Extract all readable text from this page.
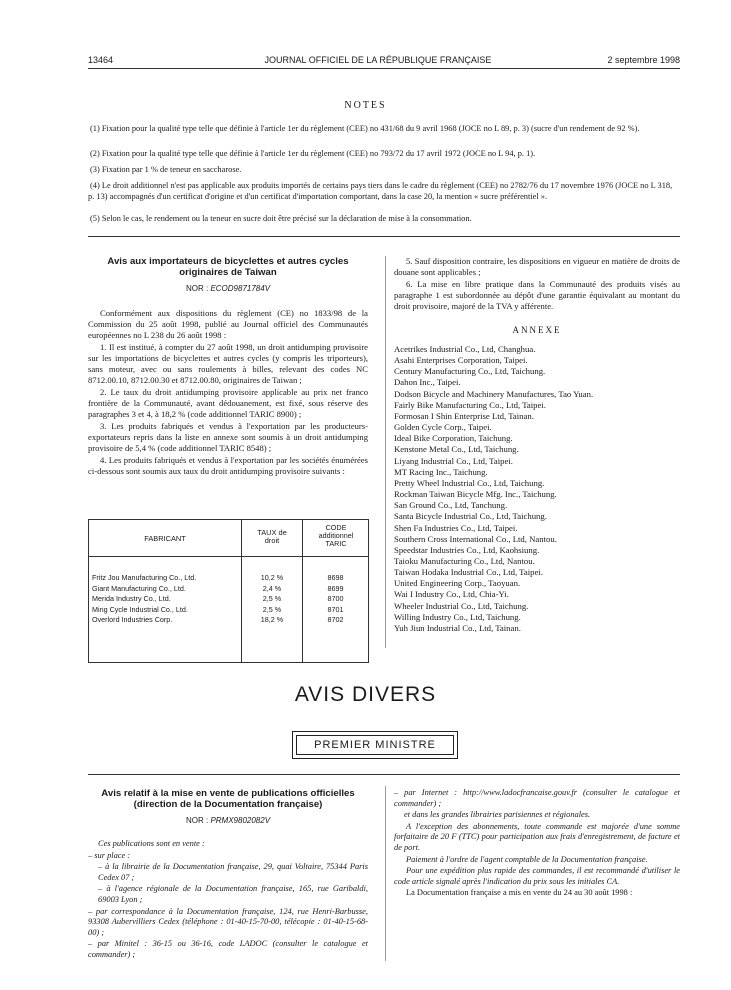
13464	JOURNAL OFFICIEL DE LA RÉPUBLIQUE FRANÇAISE	2 septembre 1998
NOTES
(1) Fixation pour la qualité type telle que définie à l'article 1er du règlement (CEE) no 431/68 du 9 avril 1968 (JOCE no L 89, p. 3) (sucre d'un rendement de 92 %).
(2) Fixation pour la qualité type telle que définie à l'article 1er du règlement (CEE) no 793/72 du 17 avril 1972 (JOCE no L 94, p. 1).
(3) Fixation par 1 % de teneur en saccharose.
(4) Le droit additionnel n'est pas applicable aux produits importés de certains pays tiers dans le cadre du règlement (CEE) no 2782/76 du 17 novembre 1976 (JOCE no L 318, p. 13) accompagnés d'un certificat d'origine et d'un certificat d'importation comportant, dans la case 20, la mention « sucre préférentiel ».
(5) Selon le cas, le rendement ou la teneur en sucre doit être précisé sur la déclaration de mise à la consommation.
Avis aux importateurs de bicyclettes et autres cycles
originaires de Taiwan
NOR : ECOD9871784V

Conformément aux dispositions du règlement (CE) no 1833/98 de la Commission du 25 août 1998, publié au Journal officiel des Communautés européennes no L 238 du 26 août 1998 :

1. Il est institué, à compter du 27 août 1998, un droit antidumping provisoire sur les importations de bicyclettes et autres cycles (y compris les triporteurs), sans moteur, avec ou sans roulements à billes, relevant des codes NC 8712.00.10, 8712.00.30 et 8712.00.80, originaires de Taiwan ;

2. Le taux du droit antidumping provisoire applicable au prix net franco frontière de la Communauté, avant dédouanement, est fixé, sous réserve des paragraphes 3 et 4, à 18,2 % (code additionnel TARIC 8900) ;

3. Les produits fabriqués et vendus à l'exportation par les producteurs-exportateurs repris dans la liste en annexe sont soumis à un droit antidumping provisoire de 5,4 % (code additionnel TARIC 8548) ;

4. Les produits fabriqués et vendus à l'exportation par les sociétés énumérées ci-dessous sont soumis aux taux du droit antidumping provisoire suivants :

FABRICANT
TAUX de droit
CODE additionnel TARIC
Fritz Jou Manufacturing Co., Ltd.
Giant Manufacturing Co., Ltd.
Merida Industry Co., Ltd.
Ming Cycle Industrial Co., Ltd.
Overlord Industries Corp.
10,2 %
2,4 %
2,5 %
2,5 %
18,2 %
8698
8699
8700
8701
8702

5. Sauf disposition contraire, les dispositions en vigueur en matière de droits de douane sont applicables ;

6. La mise en libre pratique dans la Communauté des produits visés au paragraphe 1 est subordonnée au dépôt d'une garantie équivalant au montant du droit provisoire, majoré de la TVA y afférente.

ANNEXE
Acetrikes Industrial Co., Ltd, Changhua.
Asahi Enterprises Corporation, Taipei.
Century Manufacturing Co., Ltd, Taichung.
Dahon Inc., Taipei.
Dodson Bicycle and Machinery Manufactures, Tao Yuan.
Fairly Bike Manufacturing Co., Ltd, Taipei.
Formosan I Shin Enterprise Ltd, Tainan.
Golden Cycle Corp., Taipei.
Ideal Bike Corporation, Taichung.
Kenstone Metal Co., Ltd, Taichung.
Liyang Industrial Co., Ltd, Taipei.
MT Racing Inc., Taichung.
Pretty Wheel Industrial Co., Ltd, Taichung.
Rockman Taiwan Bicycle Mfg. Inc., Taichung.
San Ground Co., Ltd, Tanchung.
Santa Bicycle Industrial Co., Ltd, Taichung.
Shen Fa Industries Co., Ltd, Taipei.
Southern Cross International Co., Ltd, Nantou.
Speedstar Industries Co., Ltd, Kaohsiung.
Taioku Manufacturing Co., Ltd, Nantou.
Taiwan Hodaka Industrial Co., Ltd, Taipei.
United Engineering Corp., Taoyuan.
Wai I Industry Co., Ltd, Chia-Yi.
Wheeler Industrial Co., Ltd, Taichung.
Willing Industry Co., Ltd, Taichung.
Yuh Jiun Industrial Co., Ltd, Tainan.
AVIS DIVERS
PREMIER MINISTRE
Avis relatif à la mise en vente de publications officielles
(direction de la Documentation française)
NOR : PRMX9802082V

Ces publications sont en vente :

– sur place :

– à la librairie de la Documentation française, 29, quai Voltaire, 75344 Paris Cedex 07 ;

– à l'agence régionale de la Documentation française, 165, rue Garibaldi, 69003 Lyon ;

– par correspondance à la Documentation française, 124, rue Henri-Barbusse, 93308 Aubervilliers Cedex (téléphone : 01-40-15-70-00, télécopie : 01-40-15-68-00) ;

– par Minitel : 36-15 ou 36-16, code LADOC (consulter le catalogue et commander) ;

– par Internet : http://www.ladocfrancaise.gouv.fr (consulter le catalogue et commander) ;

et dans les grandes librairies parisiennes et régionales.

A l'exception des abonnements, toute commande est majorée d'une somme forfaitaire de 20 F (TTC) pour participation aux frais d'enregistrement, de facture et de port.

Paiement à l'ordre de l'agent comptable de la Documentation française.

Pour une expédition plus rapide des commandes, il est recommandé d'utiliser le code article signalé après l'indication du prix sous les initiales CA.

La Documentation française a mis en vente du 24 au 30 août 1998 :
